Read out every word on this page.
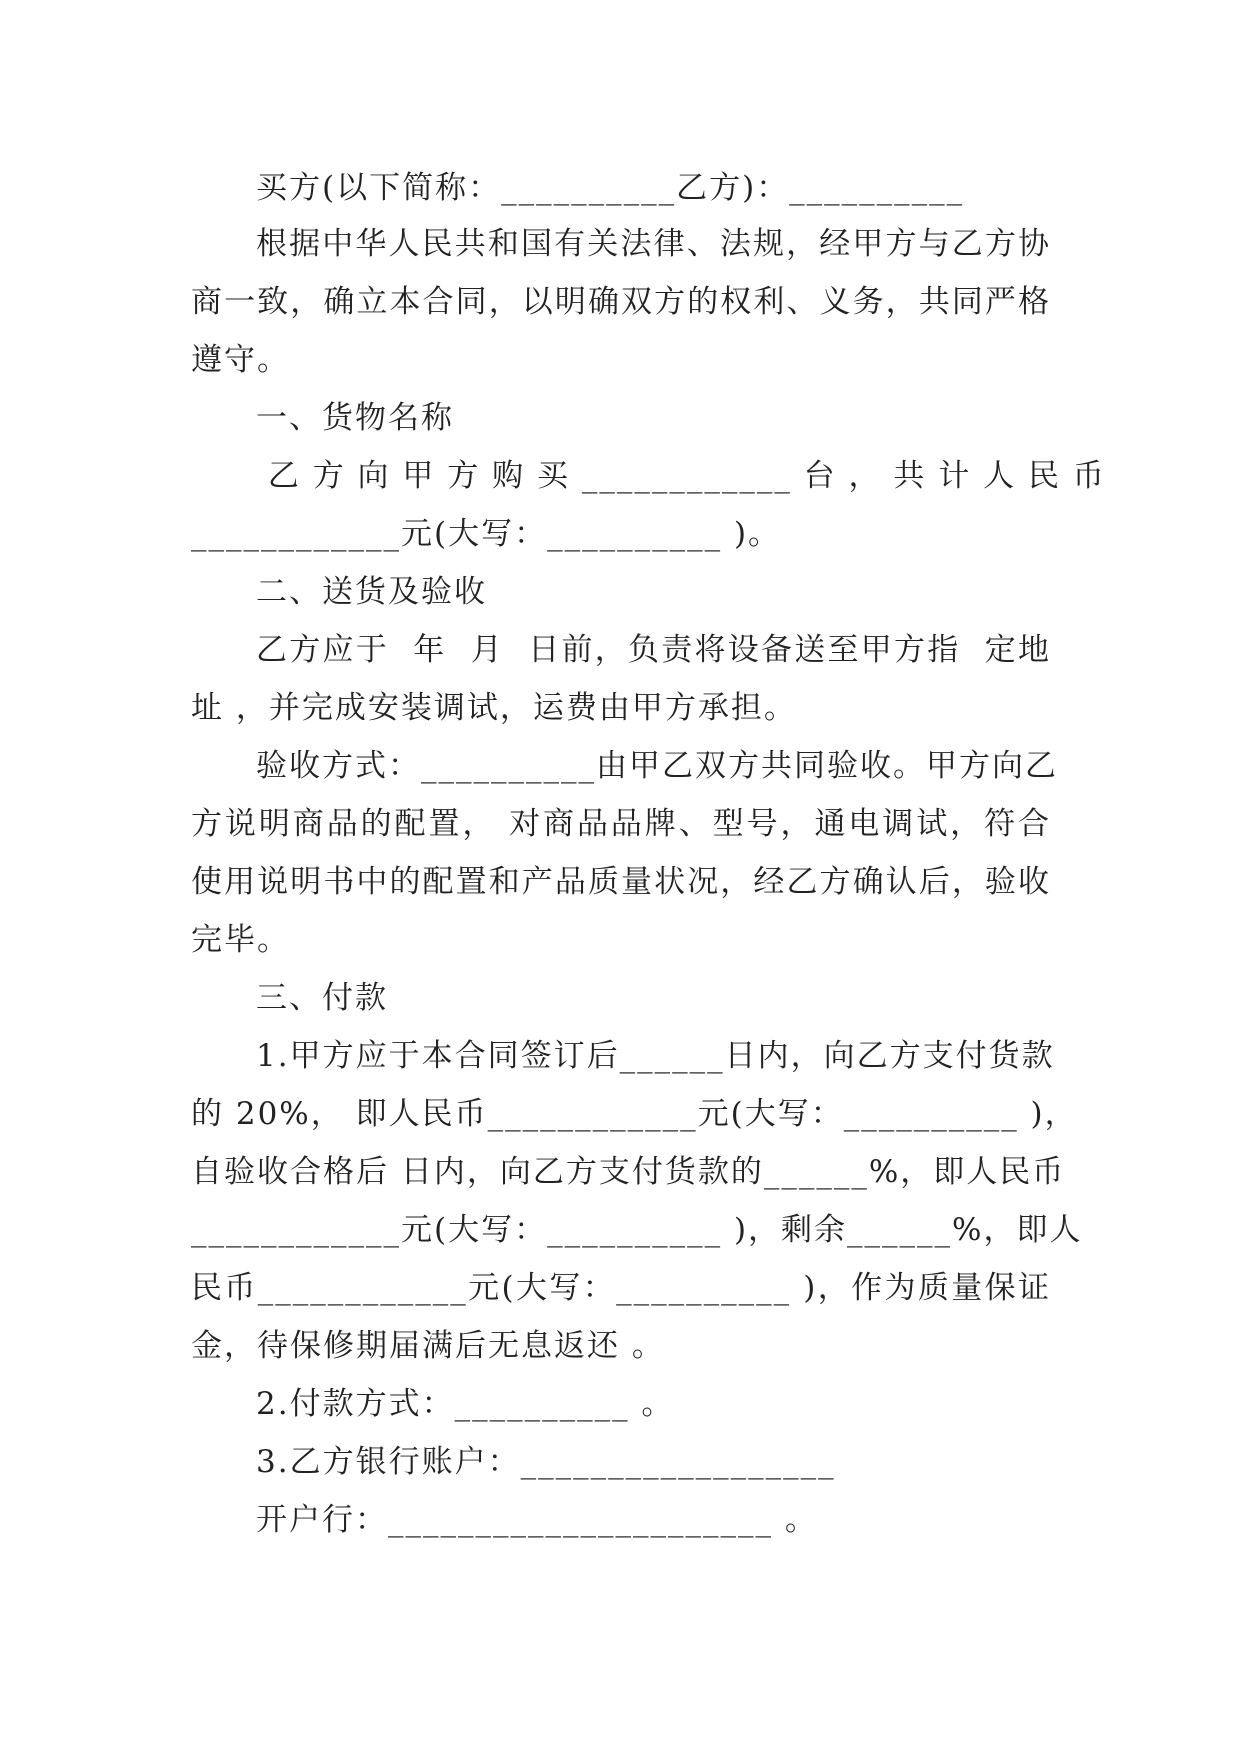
买方(以下简称：__________乙方)：__________
根据中华人民共和国有关法律、法规，经甲方与乙方协
商一致，确立本合同，以明确双方的权利、义务，共同严格
遵守。
一、货物名称
乙 方 向 甲 方 购 买 ____________ 台 ， 共 计 人 民 币
____________元(大写：__________ )。
二、送货及验收
乙方应于  年  月  日前，负责将设备送至甲方指  定地
址 ，并完成安装调试，运费由甲方承担。
验收方式：__________由甲乙双方共同验收。甲方向乙
方说明商品的配置， 对商品品牌、型号，通电调试，符合
使用说明书中的配置和产品质量状况，经乙方确认后，验收
完毕。
三、付款
1.甲方应于本合同签订后______日内，向乙方支付货款
的 20%， 即人民币____________元(大写：__________ )，
自验收合格后 日内，向乙方支付货款的______%，即人民币
____________元(大写：__________ )，剩余______%，即人
民币____________元(大写：__________ )，作为质量保证
金，待保修期届满后无息返还 。
2.付款方式：__________ 。
3.乙方银行账户：__________________
开户行：______________________ 。
